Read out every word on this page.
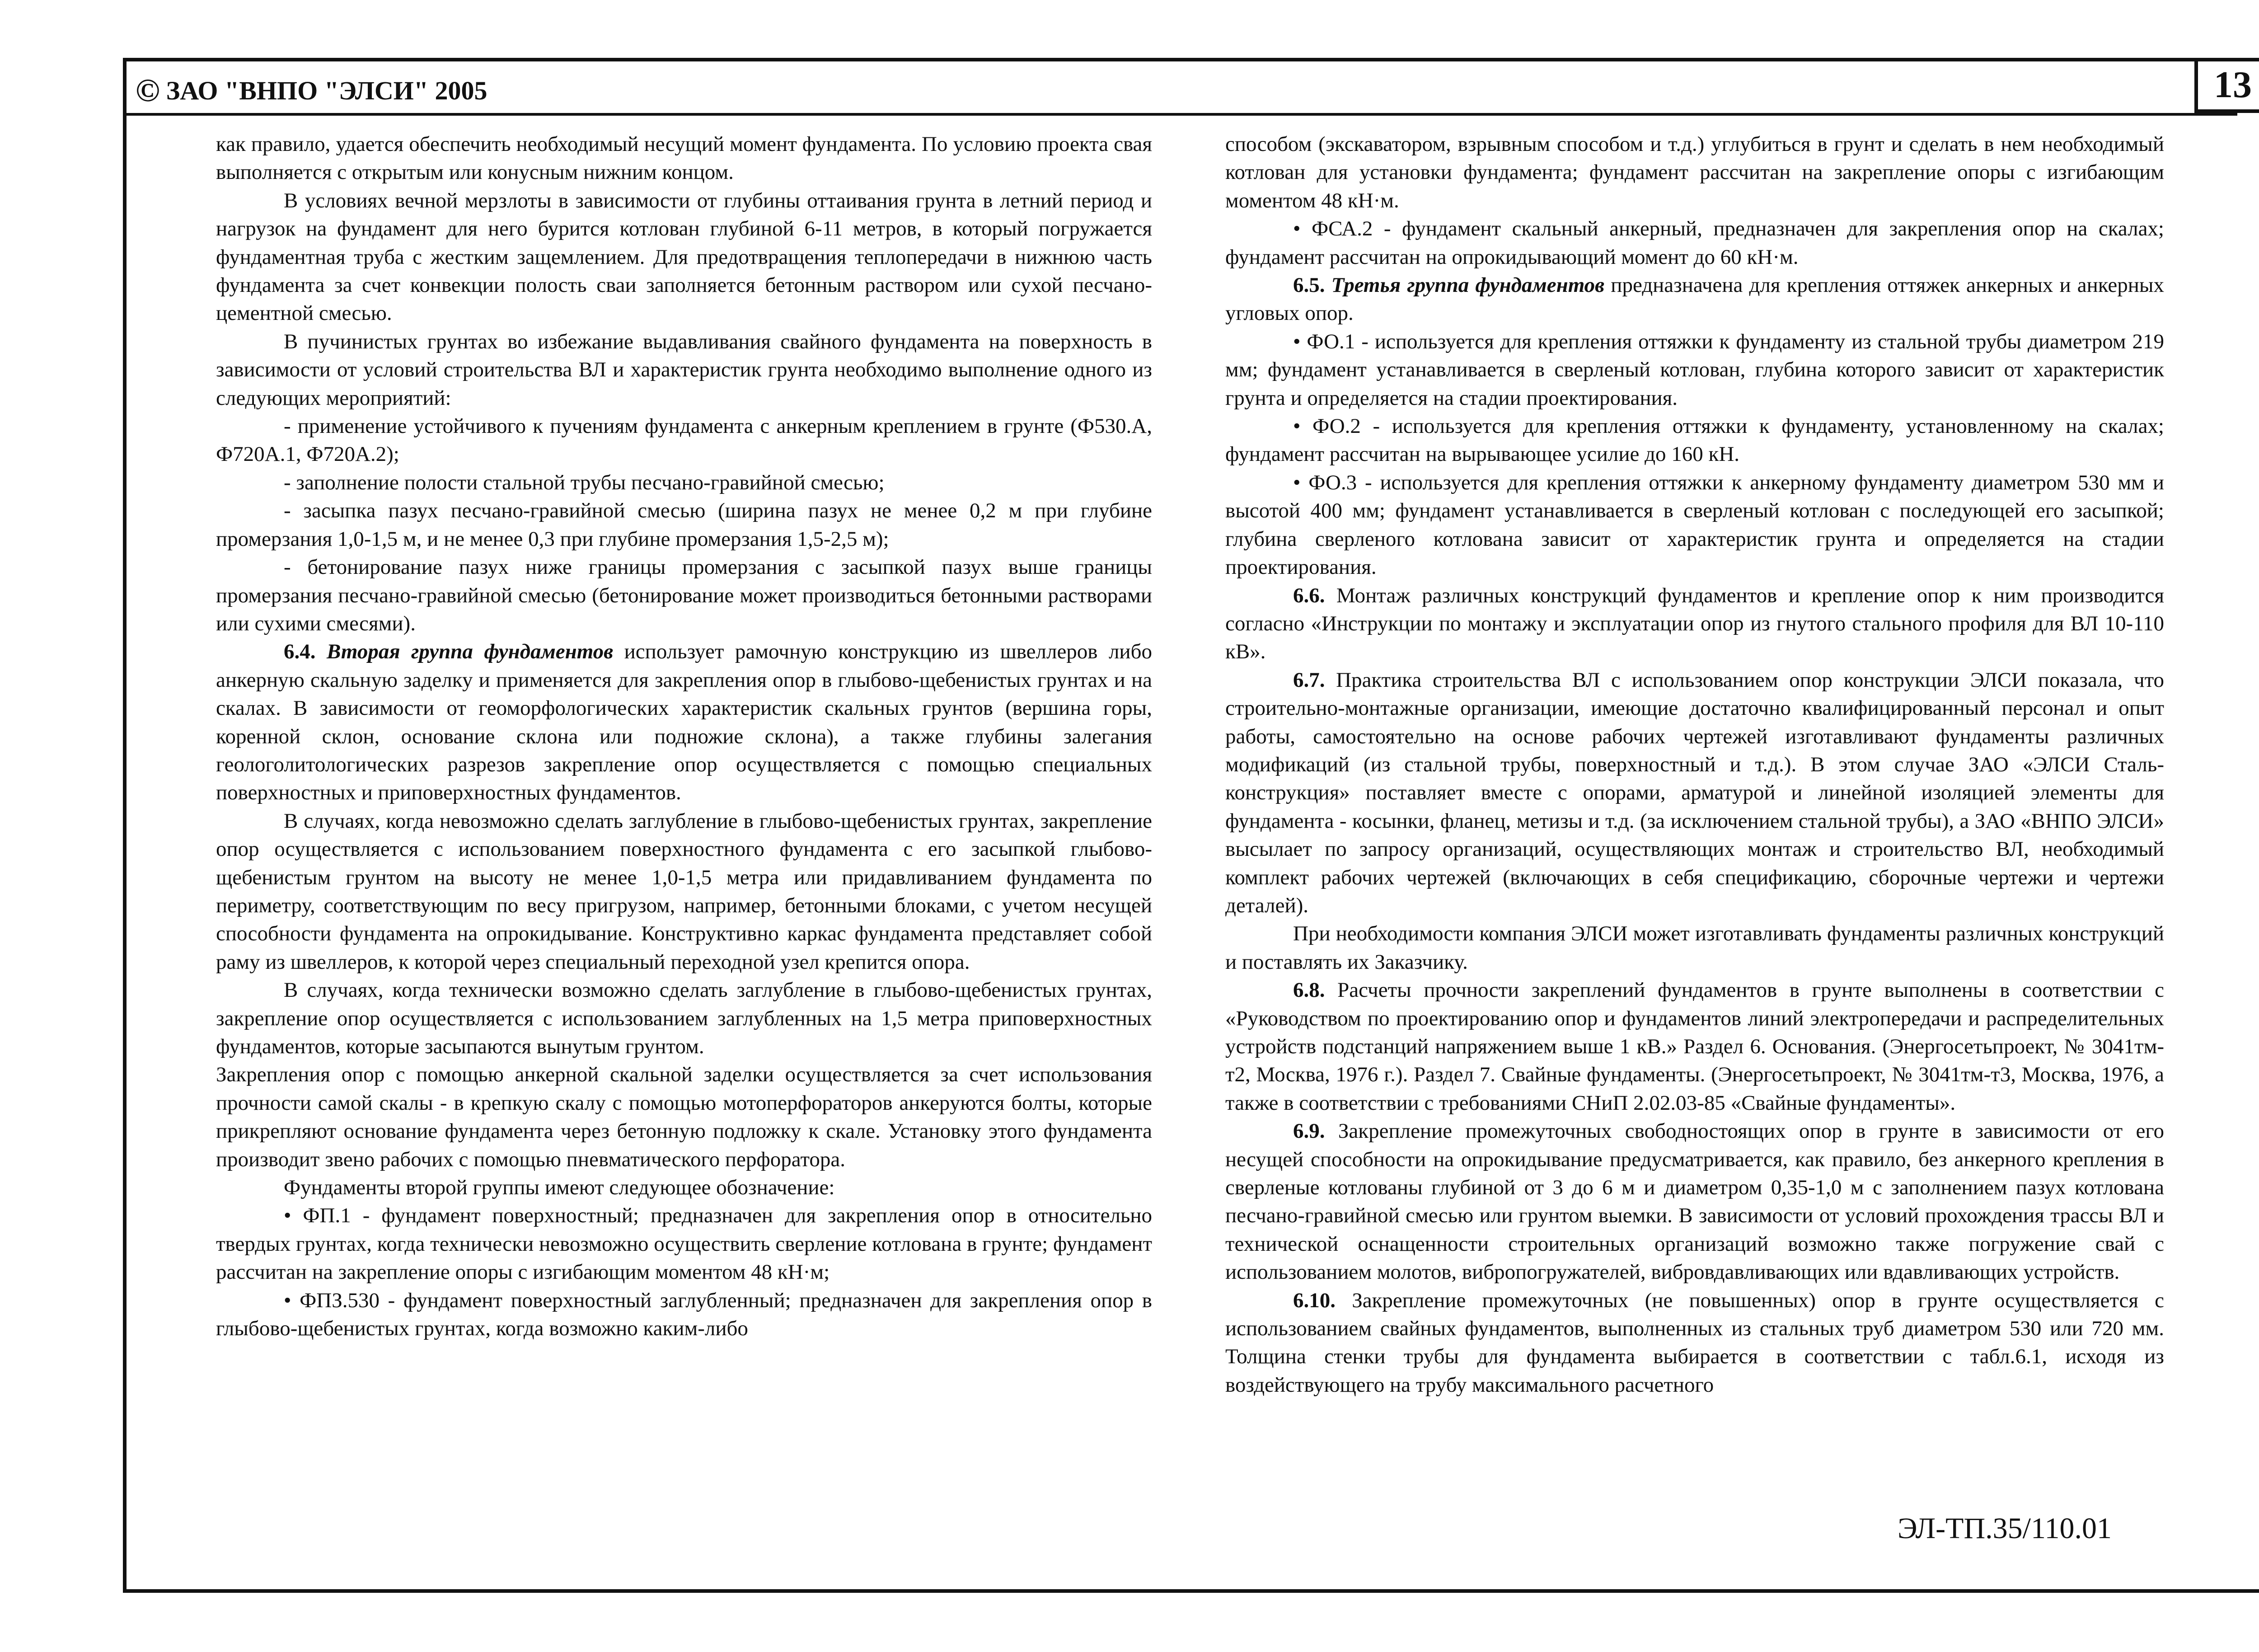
© ЗАО "ВНПО "ЭЛСИ" 2005	13

как правило, удается обеспечить необходимый несущий момент фундамента. По условию проекта свая выполняется с открытым или конусным нижним концом.

В условиях вечной мерзлоты в зависимости от глубины оттаивания грунта в летний период и нагрузок на фундамент для него бурится котлован глубиной 6-11 метров, в который погружается фундаментная труба с жестким защемлением. Для предотвращения теплопередачи в нижнюю часть фундамента за счет конвекции полость сваи заполняется бетонным раствором или сухой песчано-цементной смесью.

В пучинистых грунтах во избежание выдавливания свайного фундамента на поверхность в зависимости от условий строительства ВЛ и характеристик грунта необходимо выполнение одного из следующих мероприятий:

- применение устойчивого к пучениям фундамента с анкерным креплением в грунте (Ф530.А, Ф720А.1, Ф720А.2);

- заполнение полости стальной трубы песчано-гравийной смесью;

- засыпка пазух песчано-гравийной смесью (ширина пазух не менее 0,2 м при глубине промерзания 1,0-1,5 м, и не менее 0,3 при глубине промерзания 1,5-2,5 м);

- бетонирование пазух ниже границы промерзания с засыпкой пазух выше границы промерзания песчано-гравийной смесью (бетонирование может производиться бетонными растворами или сухими смесями).

6.4. Вторая группа фундаментов использует рамочную конструкцию из швеллеров либо анкерную скальную заделку и применяется для закрепления опор в глыбово-щебенистых грунтах и на скалах. В зависимости от геоморфологических характеристик скальных грунтов (вершина горы, коренной склон, основание склона или подножие склона), а также глубины залегания геологолитологических разрезов закрепление опор осуществляется с помощью специальных поверхностных и приповерхностных фундаментов.

В случаях, когда невозможно сделать заглубление в глыбово-щебенистых грунтах, закрепление опор осуществляется с использованием поверхностного фундамента с его засыпкой глыбово-щебенистым грунтом на высоту не менее 1,0-1,5 метра или придавливанием фундамента по периметру, соответствующим по весу пригрузом, например, бетонными блоками, с учетом несущей способности фундамента на опрокидывание. Конструктивно каркас фундамента представляет собой раму из швеллеров, к которой через специальный переходной узел крепится опора.

В случаях, когда технически возможно сделать заглубление в глыбово-щебенистых грунтах, закрепление опор осуществляется с использованием заглубленных на 1,5 метра приповерхностных фундаментов, которые засыпаются вынутым грунтом.

Закрепления опор с помощью анкерной скальной заделки осуществляется за счет использования прочности самой скалы - в крепкую скалу с помощью мотоперфораторов анкеруются болты, которые прикрепляют основание фундамента через бетонную подложку к скале. Установку этого фундамента производит звено рабочих с помощью пневматического перфоратора.

Фундаменты второй группы имеют следующее обозначение:

• ФП.1 - фундамент поверхностный; предназначен для закрепления опор в относительно твердых грунтах, когда технически невозможно осуществить сверление котлована в грунте; фундамент рассчитан на закрепление опоры с изгибающим моментом 48 кН·м;

• ФПЗ.530 - фундамент поверхностный заглубленный; предназначен для закрепления опор в глыбово-щебенистых грунтах, когда возможно каким-либо

способом (экскаватором, взрывным способом и т.д.) углубиться в грунт и сделать в нем необходимый котлован для установки фундамента; фундамент рассчитан на закрепление опоры с изгибающим моментом 48 кН·м.

• ФСА.2 - фундамент скальный анкерный, предназначен для закрепления опор на скалах; фундамент рассчитан на опрокидывающий момент до 60 кН·м.

6.5. Третья группа фундаментов предназначена для крепления оттяжек анкерных и анкерных угловых опор.

• ФО.1 - используется для крепления оттяжки к фундаменту из стальной трубы диаметром 219 мм; фундамент устанавливается в сверленый котлован, глубина которого зависит от характеристик грунта и определяется на стадии проектирования.

• ФО.2 - используется для крепления оттяжки к фундаменту, установленному на скалах; фундамент рассчитан на вырывающее усилие до 160 кН.

• ФО.3 - используется для крепления оттяжки к анкерному фундаменту диаметром 530 мм и высотой 400 мм; фундамент устанавливается в сверленый котлован с последующей его засыпкой; глубина сверленого котлована зависит от характеристик грунта и определяется на стадии проектирования.

6.6. Монтаж различных конструкций фундаментов и крепление опор к ним производится согласно «Инструкции по монтажу и эксплуатации опор из гнутого стального профиля для ВЛ 10-110 кВ».

6.7. Практика строительства ВЛ с использованием опор конструкции ЭЛСИ показала, что строительно-монтажные организации, имеющие достаточно квалифицированный персонал и опыт работы, самостоятельно на основе рабочих чертежей изготавливают фундаменты различных модификаций (из стальной трубы, поверхностный и т.д.). В этом случае ЗАО «ЭЛСИ Стальконструкция» поставляет вместе с опорами, арматурой и линейной изоляцией элементы для фундамента - косынки, фланец, метизы и т.д. (за исключением стальной трубы), а ЗАО «ВНПО ЭЛСИ» высылает по запросу организаций, осуществляющих монтаж и строительство ВЛ, необходимый комплект рабочих чертежей (включающих в себя спецификацию, сборочные чертежи и чертежи деталей).

При необходимости компания ЭЛСИ может изготавливать фундаменты различных конструкций и поставлять их Заказчику.

6.8. Расчеты прочности закреплений фундаментов в грунте выполнены в соответствии с «Руководством по проектированию опор и фундаментов линий электропередачи и распределительных устройств подстанций напряжением выше 1 кВ.» Раздел 6. Основания. (Энергосетьпроект, № 3041тм-т2, Москва, 1976 г.). Раздел 7. Свайные фундаменты. (Энергосетьпроект, № 3041тм-т3, Москва, 1976, а также в соответствии с требованиями СНиП 2.02.03-85 «Свайные фундаменты».

6.9. Закрепление промежуточных свободностоящих опор в грунте в зависимости от его несущей способности на опрокидывание предусматривается, как правило, без анкерного крепления в сверленые котлованы глубиной от 3 до 6 м и диаметром 0,35-1,0 м с заполнением пазух котлована песчано-гравийной смесью или грунтом выемки. В зависимости от условий прохождения трассы ВЛ и технической оснащенности строительных организаций возможно также погружение свай с использованием молотов, вибропогружателей, вибровдавливающих или вдавливающих устройств.

6.10. Закрепление промежуточных (не повышенных) опор в грунте осуществляется с использованием свайных фундаментов, выполненных из стальных труб диаметром 530 или 720 мм. Толщина стенки трубы для фундамента выбирается в соответствии с табл.6.1, исходя из воздействующего на трубу максимального расчетного

ЭЛ-ТП.35/110.01
